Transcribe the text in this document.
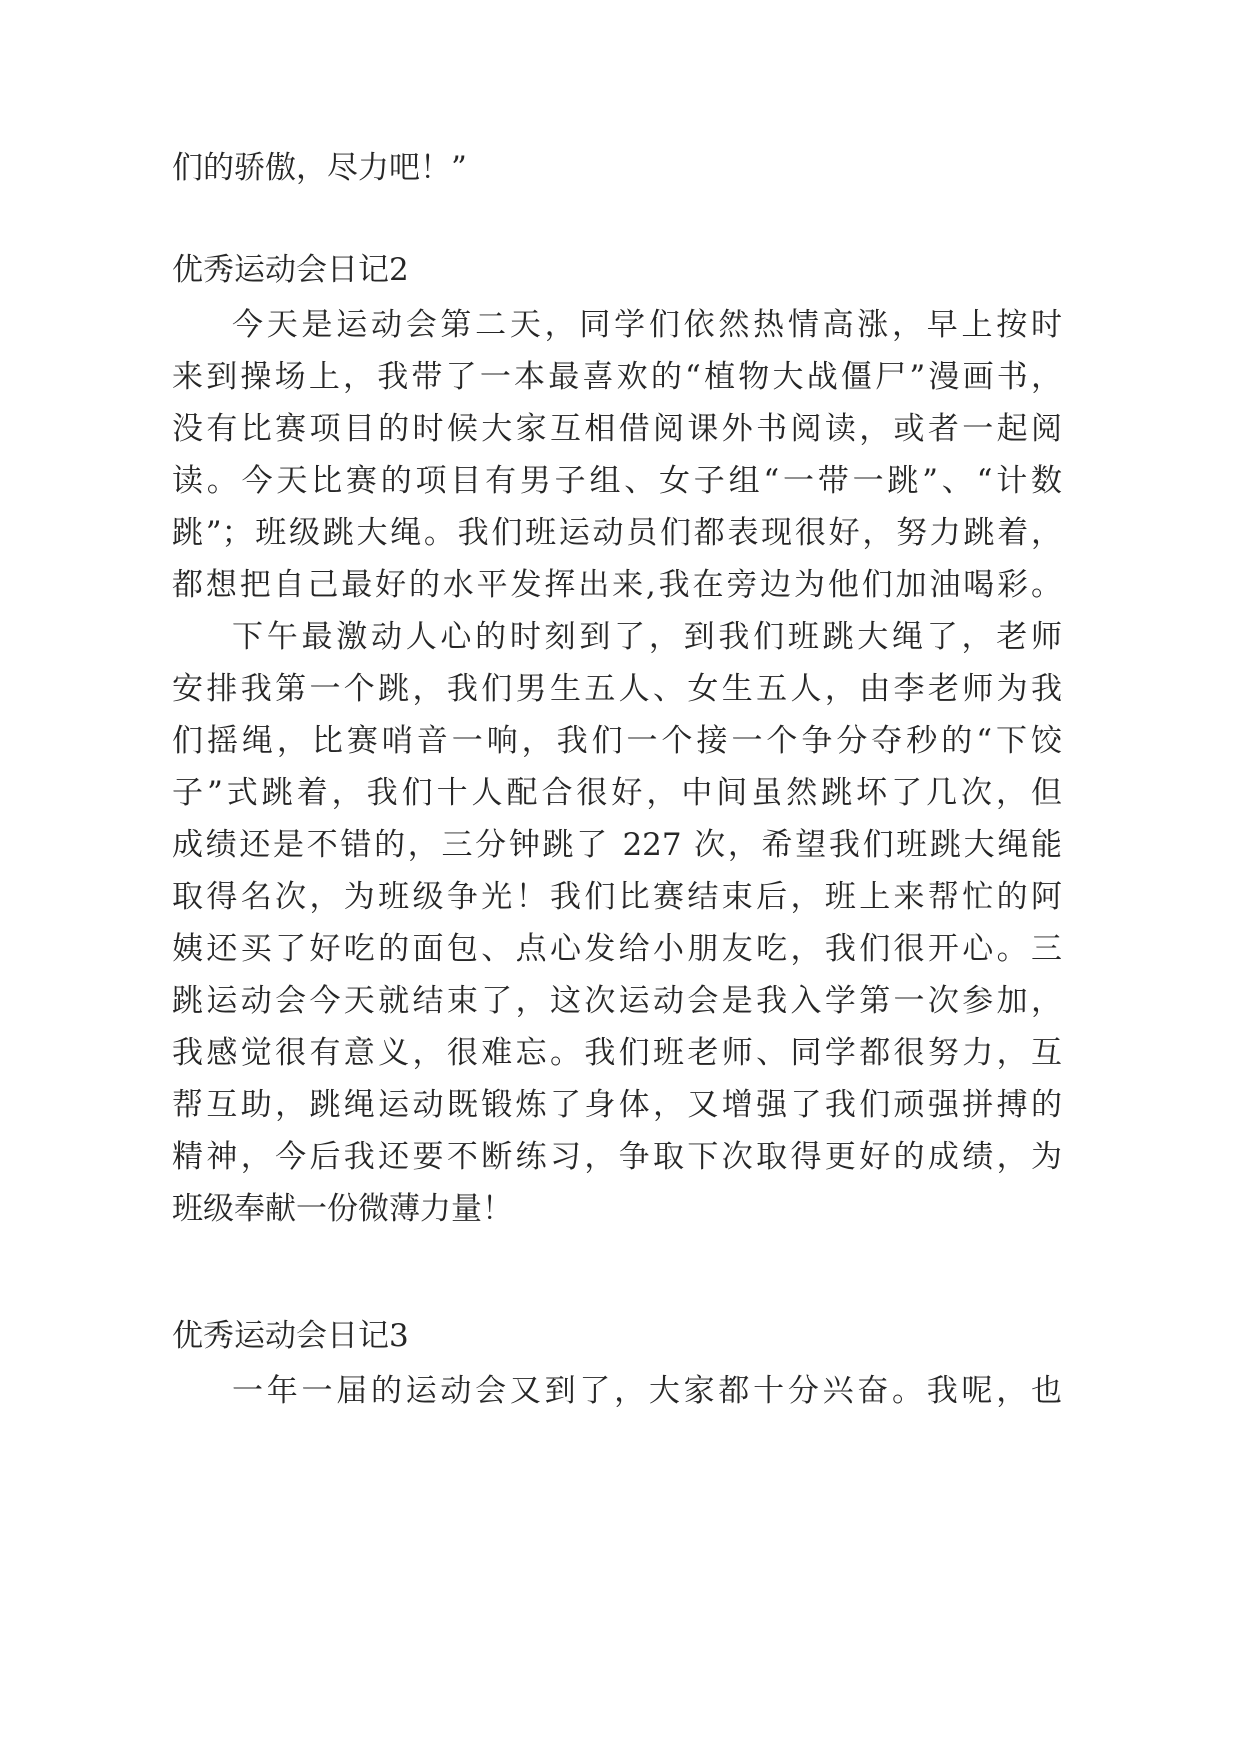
们的骄傲，尽力吧！”
优秀运动会日记2
今天是运动会第二天，同学们依然热情高涨，早上按时
来到操场上，我带了一本最喜欢的“植物大战僵尸”漫画书，
没有比赛项目的时候大家互相借阅课外书阅读，或者一起阅
读。今天比赛的项目有男子组、女子组“一带一跳”、“计数
跳”；班级跳大绳。我们班运动员们都表现很好，努力跳着，
都想把自己最好的水平发挥出来,我在旁边为他们加油喝彩。
下午最激动人心的时刻到了，到我们班跳大绳了，老师
安排我第一个跳，我们男生五人、女生五人，由李老师为我
们摇绳，比赛哨音一响，我们一个接一个争分夺秒的“下饺
子”式跳着，我们十人配合很好，中间虽然跳坏了几次，但
成绩还是不错的，三分钟跳了 227 次，希望我们班跳大绳能
取得名次，为班级争光！我们比赛结束后，班上来帮忙的阿
姨还买了好吃的面包、点心发给小朋友吃，我们很开心。三
跳运动会今天就结束了，这次运动会是我入学第一次参加，
我感觉很有意义，很难忘。我们班老师、同学都很努力，互
帮互助，跳绳运动既锻炼了身体，又增强了我们顽强拼搏的
精神，今后我还要不断练习，争取下次取得更好的成绩，为
班级奉献一份微薄力量！
优秀运动会日记3
一年一届的运动会又到了，大家都十分兴奋。我呢，也
